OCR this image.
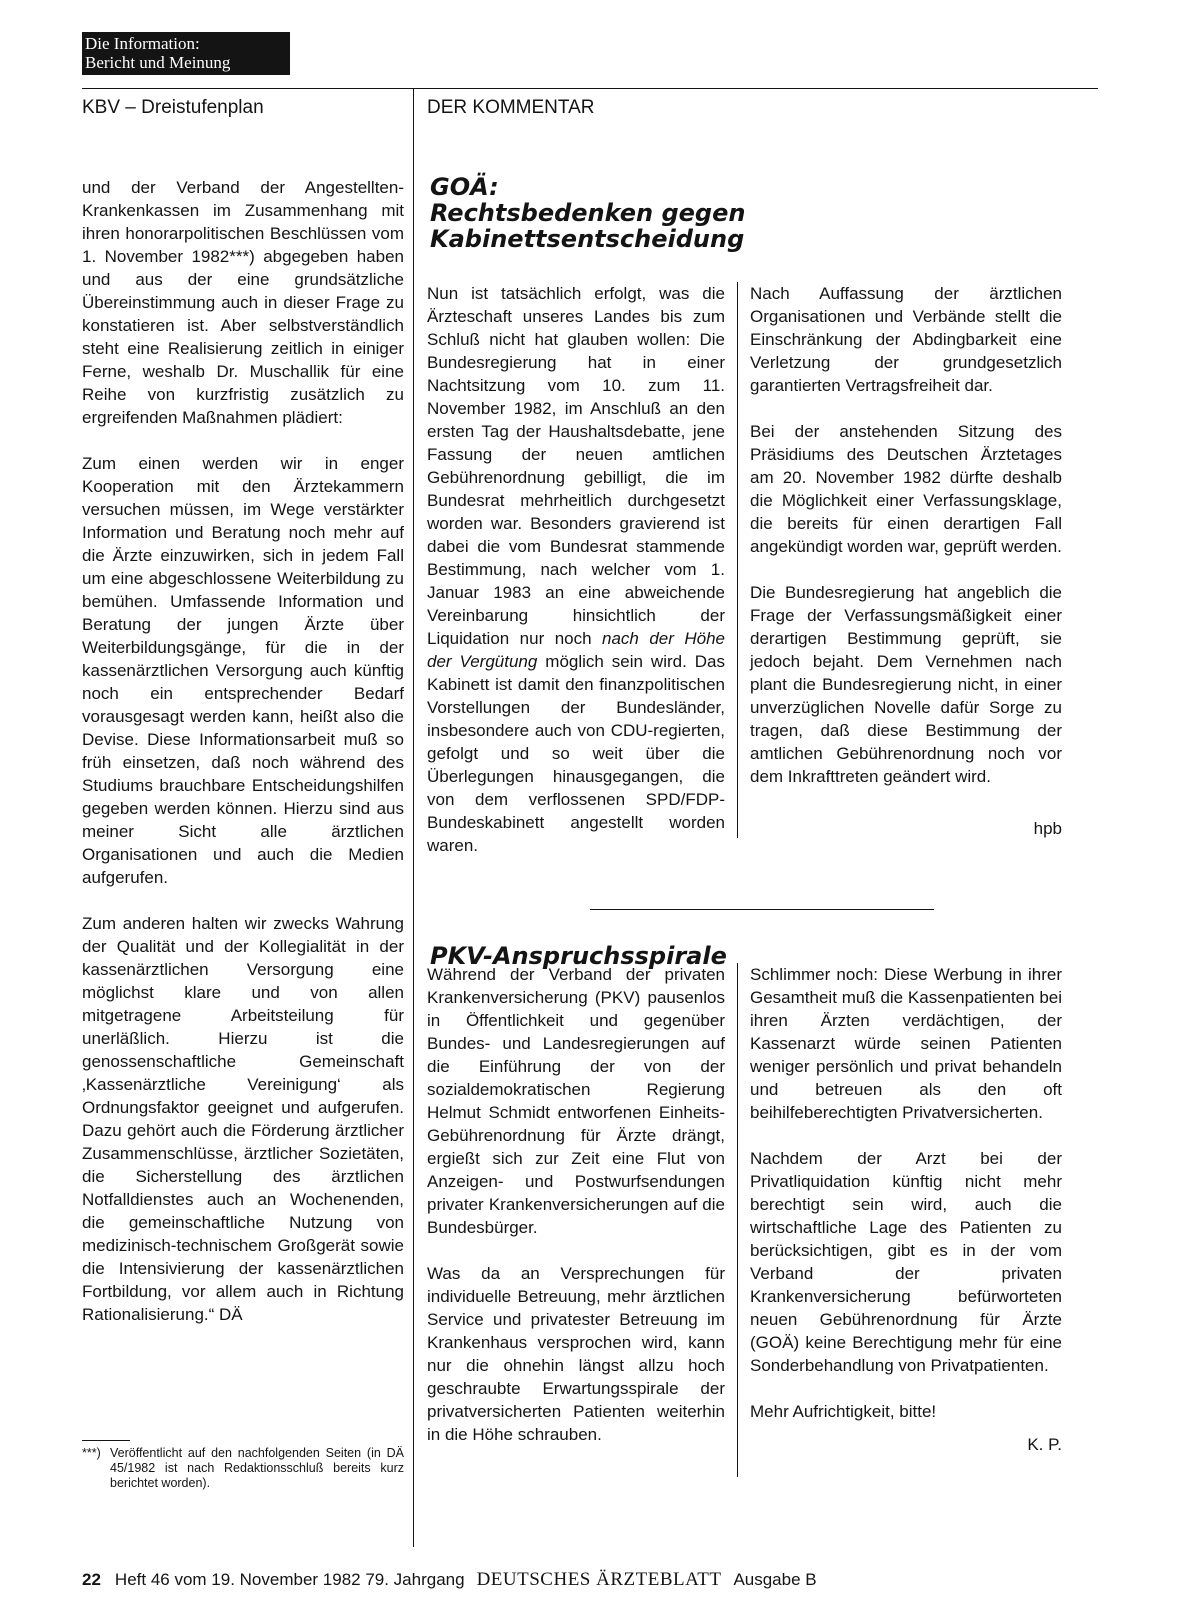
Die Information:
Bericht und Meinung
KBV – Dreistufenplan	DER KOMMENTAR

und der Verband der Angestellten-Krankenkassen im Zusammenhang mit ihren honorarpolitischen Beschlüssen vom 1. November 1982***) abgegeben haben und aus der eine grundsätzliche Übereinstimmung auch in dieser Frage zu konstatieren ist. Aber selbstverständlich steht eine Realisierung zeitlich in einiger Ferne, weshalb Dr. Muschallik für eine Reihe von kurzfristig zusätzlich zu ergreifenden Maßnahmen plädiert:

Zum einen werden wir in enger Kooperation mit den Ärztekammern versuchen müssen, im Wege verstärkter Information und Beratung noch mehr auf die Ärzte einzuwirken, sich in jedem Fall um eine abgeschlossene Weiterbildung zu bemühen. Umfassende Information und Beratung der jungen Ärzte über Weiterbildungsgänge, für die in der kassenärztlichen Versorgung auch künftig noch ein entsprechender Bedarf vorausgesagt werden kann, heißt also die Devise. Diese Informationsarbeit muß so früh einsetzen, daß noch während des Studiums brauchbare Entscheidungshilfen gegeben werden können. Hierzu sind aus meiner Sicht alle ärztlichen Organisationen und auch die Medien aufgerufen.

Zum anderen halten wir zwecks Wahrung der Qualität und der Kollegialität in der kassenärztlichen Versorgung eine möglichst klare und von allen mitgetragene Arbeitsteilung für unerläßlich. Hierzu ist die genossenschaftliche Gemeinschaft ‚Kassenärztliche Vereinigung‘ als Ordnungsfaktor geeignet und aufgerufen. Dazu gehört auch die Förderung ärztlicher Zusammenschlüsse, ärztlicher Sozietäten, die Sicherstellung des ärztlichen Notfalldienstes auch an Wochenenden, die gemeinschaftliche Nutzung von medizinisch-technischem Großgerät sowie die Intensivierung der kassenärztlichen Fortbildung, vor allem auch in Richtung Rationalisierung.“ DÄ

***) Veröffentlicht auf den nachfolgenden Seiten (in DÄ 45/1982 ist nach Redaktionsschluß bereits kurz berichtet worden).
GOÄ:
Rechtsbedenken gegen
Kabinettsentscheidung

Nun ist tatsächlich erfolgt, was die Ärzteschaft unseres Landes bis zum Schluß nicht hat glauben wollen: Die Bundesregierung hat in einer Nachtsitzung vom 10. zum 11. November 1982, im Anschluß an den ersten Tag der Haushaltsdebatte, jene Fassung der neuen amtlichen Gebührenordnung gebilligt, die im Bundesrat mehrheitlich durchgesetzt worden war. Besonders gravierend ist dabei die vom Bundesrat stammende Bestimmung, nach welcher vom 1. Januar 1983 an eine abweichende Vereinbarung hinsichtlich der Liquidation nur noch nach der Höhe der Vergütung möglich sein wird. Das Kabinett ist damit den finanzpolitischen Vorstellungen der Bundesländer, insbesondere auch von CDU-regierten, gefolgt und so weit über die Überlegungen hinausgegangen, die von dem verflossenen SPD/FDP-Bundeskabinett angestellt worden waren.

Nach Auffassung der ärztlichen Organisationen und Verbände stellt die Einschränkung der Abdingbarkeit eine Verletzung der grundgesetzlich garantierten Vertragsfreiheit dar.

Bei der anstehenden Sitzung des Präsidiums des Deutschen Ärztetages am 20. November 1982 dürfte deshalb die Möglichkeit einer Verfassungsklage, die bereits für einen derartigen Fall angekündigt worden war, geprüft werden.

Die Bundesregierung hat angeblich die Frage der Verfassungsmäßigkeit einer derartigen Bestimmung geprüft, sie jedoch bejaht. Dem Vernehmen nach plant die Bundesregierung nicht, in einer unverzüglichen Novelle dafür Sorge zu tragen, daß diese Bestimmung der amtlichen Gebührenordnung noch vor dem Inkrafttreten geändert wird.

hpb
PKV-Anspruchsspirale

Während der Verband der privaten Krankenversicherung (PKV) pausenlos in Öffentlichkeit und gegenüber Bundes- und Landesregierungen auf die Einführung der von der sozialdemokratischen Regierung Helmut Schmidt entworfenen Einheits-Gebührenordnung für Ärzte drängt, ergießt sich zur Zeit eine Flut von Anzeigen- und Postwurfsendungen privater Krankenversicherungen auf die Bundesbürger.

Was da an Versprechungen für individuelle Betreuung, mehr ärztlichen Service und privatester Betreuung im Krankenhaus versprochen wird, kann nur die ohnehin längst allzu hoch geschraubte Erwartungsspirale der privatversicherten Patienten weiterhin in die Höhe schrauben.

Schlimmer noch: Diese Werbung in ihrer Gesamtheit muß die Kassenpatienten bei ihren Ärzten verdächtigen, der Kassenarzt würde seinen Patienten weniger persönlich und privat behandeln und betreuen als den oft beihilfeberechtigten Privatversicherten.

Nachdem der Arzt bei der Privatliquidation künftig nicht mehr berechtigt sein wird, auch die wirtschaftliche Lage des Patienten zu berücksichtigen, gibt es in der vom Verband der privaten Krankenversicherung befürworteten neuen Gebührenordnung für Ärzte (GOÄ) keine Berechtigung mehr für eine Sonderbehandlung von Privatpatienten.

Mehr Aufrichtigkeit, bitte!

K. P.
22 Heft 46 vom 19. November 1982 79. Jahrgang DEUTSCHES ÄRZTEBLATT Ausgabe B
